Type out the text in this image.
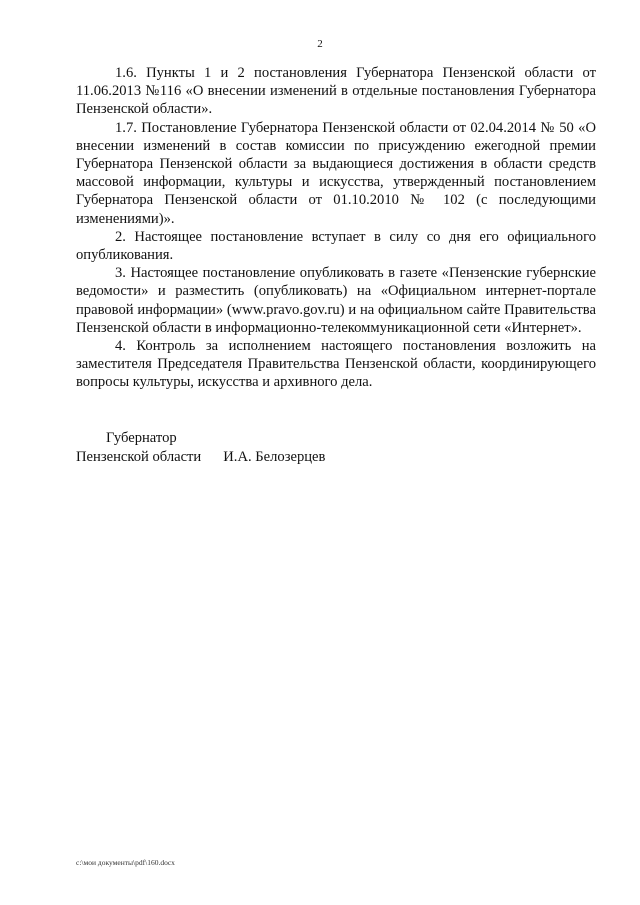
2

1.6. Пункты 1 и 2 постановления Губернатора Пензенской области от 11.06.2013 №116 «О внесении изменений в отдельные постановления Губернатора Пензенской области».

1.7. Постановление Губернатора Пензенской области от 02.04.2014 № 50 «О внесении изменений в состав комиссии по присуждению ежегодной премии Губернатора Пензенской области за выдающиеся достижения в области средств массовой информации, культуры и искусства, утвержденный постановлением Губернатора Пензенской области от 01.10.2010 № 102 (с последующими изменениями)».

2. Настоящее постановление вступает в силу со дня его официального опубликования.

3. Настоящее постановление опубликовать в газете «Пензенские губернские ведомости» и разместить (опубликовать) на «Официальном интернет-портале правовой информации» (www.pravo.gov.ru) и на официальном сайте Правительства Пензенской области в информационно-телекоммуникационной сети «Интернет».

4. Контроль за исполнением настоящего постановления возложить на заместителя Председателя Правительства Пензенской области, координирующего вопросы культуры, искусства и архивного дела.

Губернатор
Пензенской области И.А. Белозерцев
c:\мои документы\pdf\160.docx
